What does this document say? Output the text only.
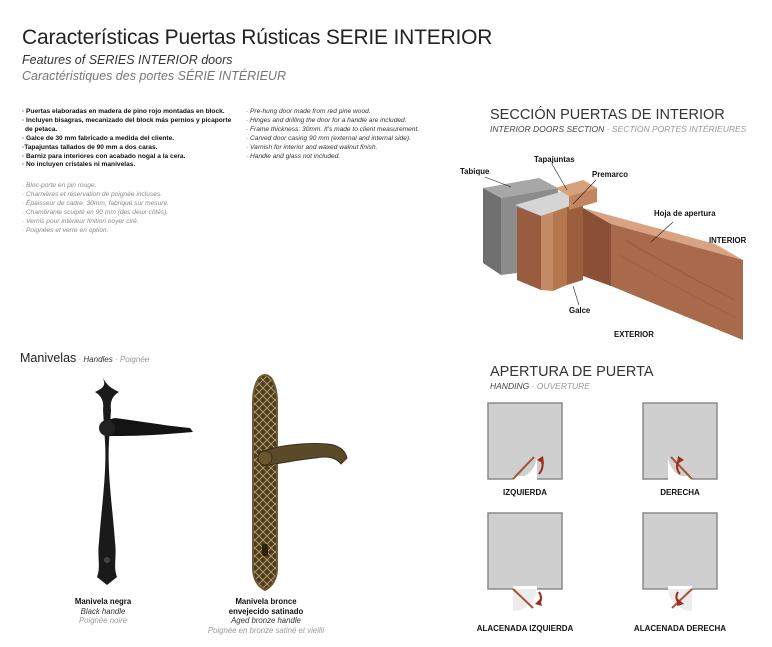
Características Puertas Rústicas SERIE INTERIOR
Features of SERIES INTERIOR doors
Caractéristiques des portes SÉRIE INTÉRIEUR
· Puertas elaboradas en madera de pino rojo montadas en block.
· Incluyen bisagras, mecanizado del block más pernios y picaporte
de petaca.
· Galce de 30 mm fabricado a medida del cliente.
·Tapajuntas tallados de 90 mm a dos caras.
· Barniz para interiores con acabado nogal a la cera.
· No incluyen cristales ni manivelas.
· Bloc-porte en pin rouge.
· Charnières et réservation de poignée incluses.
· Épaisseur de cadre: 30mm, fabriqué sur mesure.
· Chambranle sculpté en 90 mm (des deux côtés).
· Vernis pour intérieur finition noyer ciré.
· Poignées et verre en option.
· Pre-hung door made from red pine wood.
· Hinges and drilling the door for a handle are included.
· Frame thickness: 30mm. It's made to client measurement.
· Carved door casing 90 mm (external and internal side).
· Varnish for interior and waxed walnut finish.
· Handle and glass not included.
SECCIÓN PUERTAS DE INTERIOR
INTERIOR DOORS SECTION · SECTION PORTES INTÉRIEURES
Tabique
Tapajuntas
Premarco
Hoja de apertura
INTERIOR
Galce
EXTERIOR
Manivelas · Handles · Poignée
Manivela negra
Black handle
Poignée noire
Manivela bronce
envejecido satinado
Aged bronze handle
Poignée en bronze satiné et vieilli
APERTURA DE PUERTA
HANDING · OUVERTURE
IZQUIERDA	DERECHA
ALACENADA IZQUIERDA	ALACENADA DERECHA
